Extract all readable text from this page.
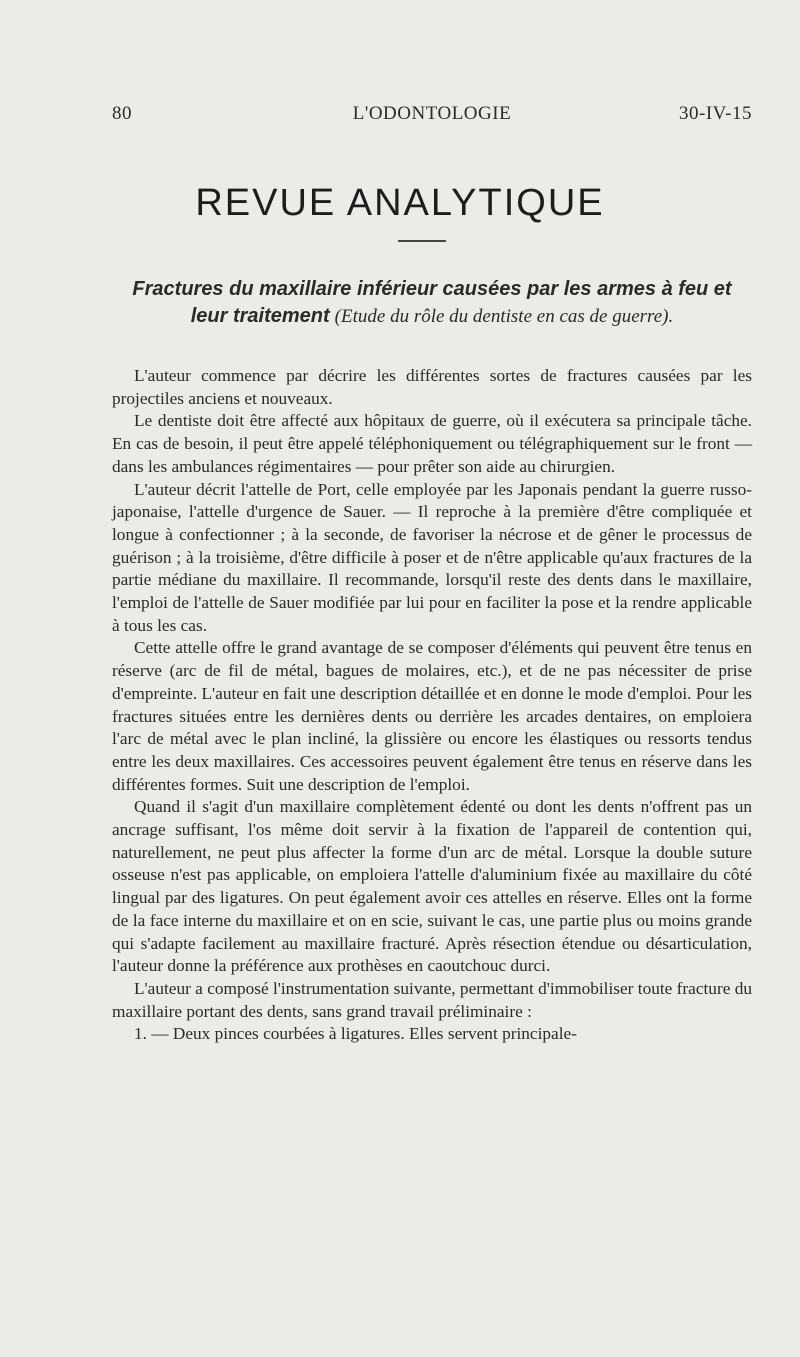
80	L'ODONTOLOGIE	30-IV-15
REVUE ANALYTIQUE
Fractures du maxillaire inférieur causées par les armes à feu et leur traitement (Etude du rôle du dentiste en cas de guerre).

L'auteur commence par décrire les différentes sortes de fractures causées par les projectiles anciens et nouveaux.

Le dentiste doit être affecté aux hôpitaux de guerre, où il exécutera sa principale tâche. En cas de besoin, il peut être appelé téléphoniquement ou télégraphiquement sur le front — dans les ambulances régimentaires — pour prêter son aide au chirurgien.

L'auteur décrit l'attelle de Port, celle employée par les Japonais pendant la guerre russo-japonaise, l'attelle d'urgence de Sauer. — Il reproche à la première d'être compliquée et longue à confectionner ; à la seconde, de favoriser la nécrose et de gêner le processus de guérison ; à la troisième, d'être difficile à poser et de n'être applicable qu'aux fractures de la partie médiane du maxillaire. Il recommande, lorsqu'il reste des dents dans le maxillaire, l'emploi de l'attelle de Sauer modifiée par lui pour en faciliter la pose et la rendre applicable à tous les cas.

Cette attelle offre le grand avantage de se composer d'éléments qui peuvent être tenus en réserve (arc de fil de métal, bagues de molaires, etc.), et de ne pas nécessiter de prise d'empreinte. L'auteur en fait une description détaillée et en donne le mode d'emploi. Pour les fractures situées entre les dernières dents ou derrière les arcades dentaires, on emploiera l'arc de métal avec le plan incliné, la glissière ou encore les élastiques ou ressorts tendus entre les deux maxillaires. Ces accessoires peuvent également être tenus en réserve dans les différentes formes. Suit une description de l'emploi.

Quand il s'agit d'un maxillaire complètement édenté ou dont les dents n'offrent pas un ancrage suffisant, l'os même doit servir à la fixation de l'appareil de contention qui, naturellement, ne peut plus affecter la forme d'un arc de métal. Lorsque la double suture osseuse n'est pas applicable, on emploiera l'attelle d'aluminium fixée au maxillaire du côté lingual par des ligatures. On peut également avoir ces attelles en réserve. Elles ont la forme de la face interne du maxillaire et on en scie, suivant le cas, une partie plus ou moins grande qui s'adapte facilement au maxillaire fracturé. Après résection étendue ou désarticulation, l'auteur donne la préférence aux prothèses en caoutchouc durci.

L'auteur a composé l'instrumentation suivante, permettant d'immobiliser toute fracture du maxillaire portant des dents, sans grand travail préliminaire :

1. — Deux pinces courbées à ligatures. Elles servent principale-
